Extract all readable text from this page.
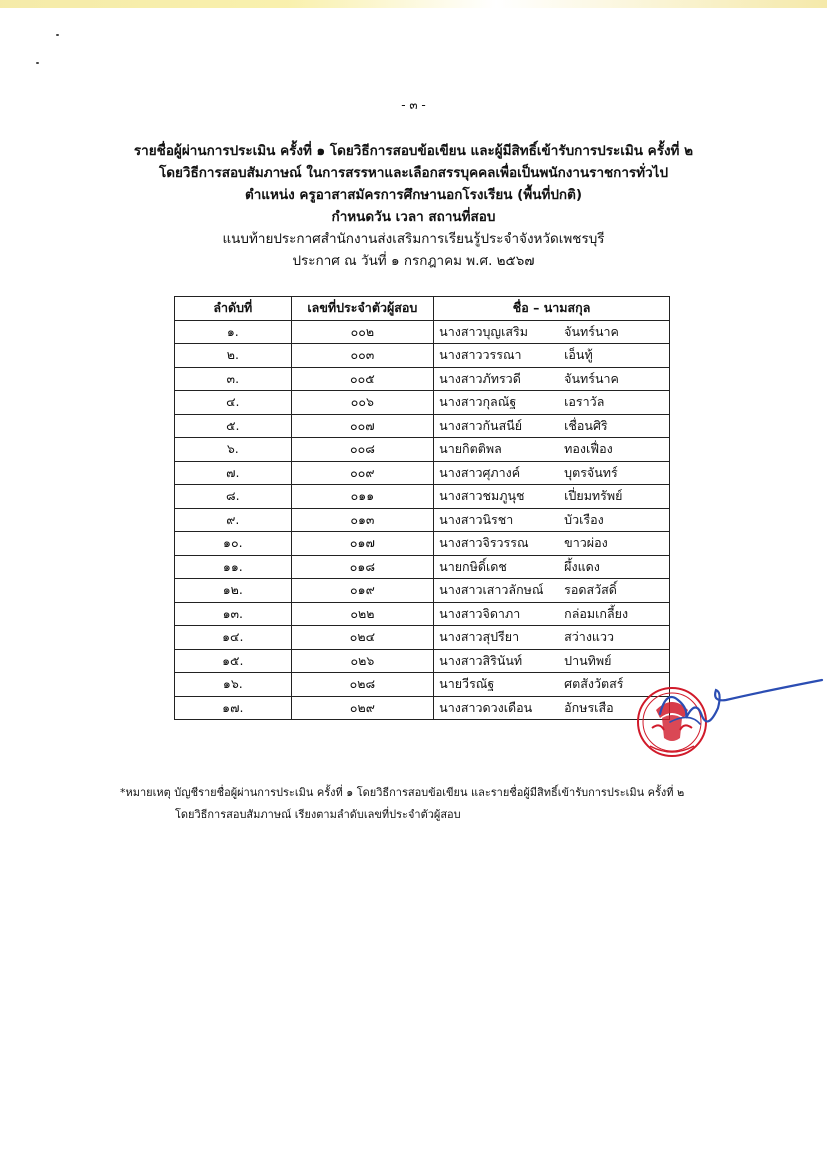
- ๓ -
รายชื่อผู้ผ่านการประเมิน ครั้งที่ ๑ โดยวิธีการสอบข้อเขียน และผู้มีสิทธิ์เข้ารับการประเมิน ครั้งที่ ๒
โดยวิธีการสอบสัมภาษณ์ ในการสรรหาและเลือกสรรบุคคลเพื่อเป็นพนักงานราชการทั่วไป
ตำแหน่ง ครูอาสาสมัครการศึกษานอกโรงเรียน (พื้นที่ปกติ)
กำหนดวัน เวลา สถานที่สอบ
แนบท้ายประกาศสำนักงานส่งเสริมการเรียนรู้ประจำจังหวัดเพชรบุรี
ประกาศ ณ วันที่ ๑ กรกฎาคม พ.ศ. ๒๕๖๗
ลำดับที่	เลขที่ประจำตัวผู้สอบ	ชื่อ – นามสกุล
๑.	๐๐๒	นางสาวบุญเสริม จันทร์นาค

๒.	๐๐๓	นางสาววรรณา เอ็นทู้

๓.	๐๐๕	นางสาวภัทรวดี จันทร์นาค

๔.	๐๐๖	นางสาวกุลณัฐ เอราวัล

๕.	๐๐๗	นางสาวกันสนีย์ เชื่อนศิริ

๖.	๐๐๘	นายกิตติพล ทองเฟื่อง

๗.	๐๐๙	นางสาวศุภางค์ บุตรจันทร์

๘.	๐๑๑	นางสาวชมภูนุช เปี่ยมทรัพย์

๙.	๐๑๓	นางสาวนิรชา บัวเรือง

๑๐.	๐๑๗	นางสาวจิรวรรณ ขาวผ่อง

๑๑.	๐๑๘	นายกษิดิ์เดช ผึ้งแดง

๑๒.	๐๑๙	นางสาวเสาวลักษณ์ รอดสวัสดิ์

๑๓.	๐๒๒	นางสาวจิดาภา กล่อมเกลี้ยง

๑๔.	๐๒๔	นางสาวสุปรียา สว่างแวว

๑๕.	๐๒๖	นางสาวสิรินันท์ ปานทิพย์

๑๖.	๐๒๘	นายวีรณัฐ ศตสังวัตสร์

๑๗.	๐๒๙	นางสาวดวงเดือน อักษรเสือ
*หมายเหตุ บัญชีรายชื่อผู้ผ่านการประเมิน ครั้งที่ ๑ โดยวิธีการสอบข้อเขียน และรายชื่อผู้มีสิทธิ์เข้ารับการประเมิน ครั้งที่ ๒
โดยวิธีการสอบสัมภาษณ์ เรียงตามลำดับเลขที่ประจำตัวผู้สอบ
